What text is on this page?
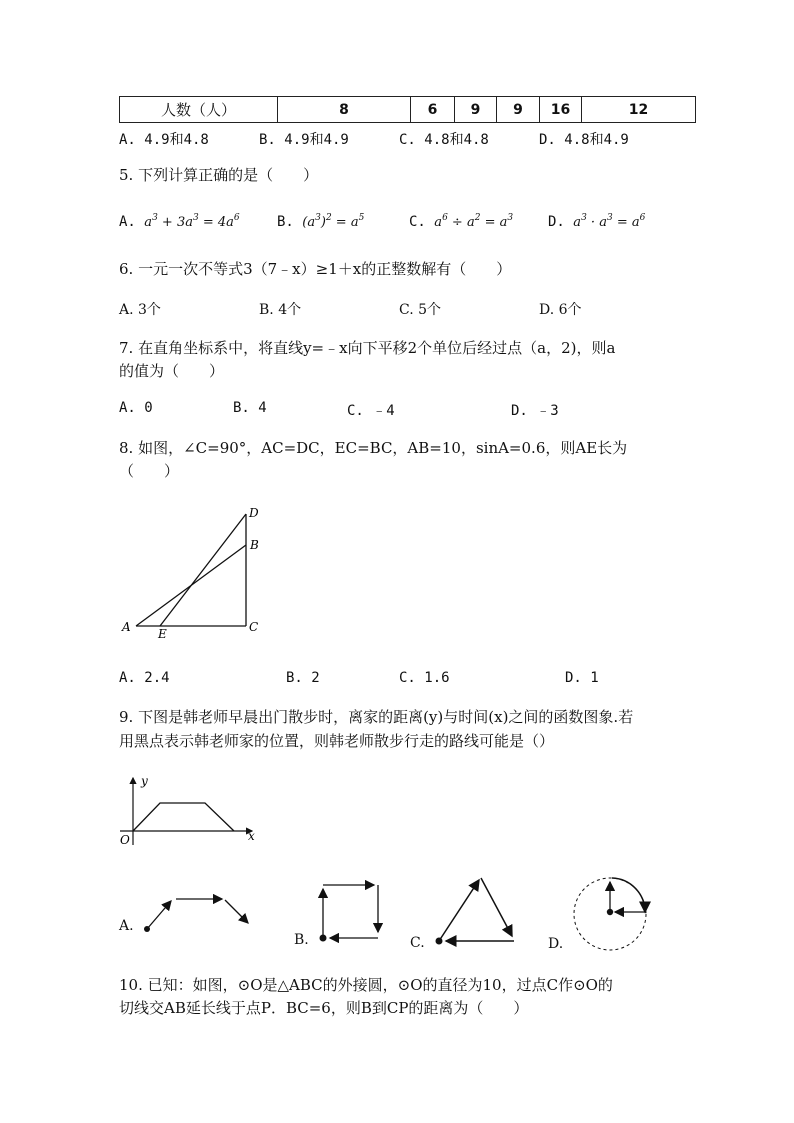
人数（人）	8	6	9	9	16	12
A. 4.9和4.8	B. 4.9和4.9	C. 4.8和4.8	D. 4.8和4.9
5. 下列计算正确的是（　　）
A. $a^3 + 3a^3 = 4a^6$	B. $(a^3)^2 = a^5$	C. $a^6 \div a^2 = a^3$ D. $a^3 \cdot a^3 = a^6$
6. 一元一次不等式3（7﹣x）≥1＋x的正整数解有（　　）
A. 3个	B. 4个	C. 5个	D. 6个
7. 在直角坐标系中，将直线y=﹣x向下平移2个单位后经过点（a，2)，则a
的值为（　　）
A. 0	B. 4	C. ﹣4	D. ﹣3
8. 如图，∠C=90°，AC=DC，EC=BC，AB=10，sinA=0.6，则AE长为
（　　）
D
B
A E	C
A. 2.4	B. 2	C. 1.6	D. 1
9. 下图是韩老师早晨出门散步时，离家的距离(y)与时间(x)之间的函数图象.若
用黑点表示韩老师家的位置，则韩老师散步行走的路线可能是（）
y
O	x
A.
B.	C.	D.
10. 已知：如图，⊙O是△ABC的外接圆，⊙O的直径为10，过点C作⊙O的
切线交AB延长线于点P．BC=6，则B到CP的距离为（　　）
